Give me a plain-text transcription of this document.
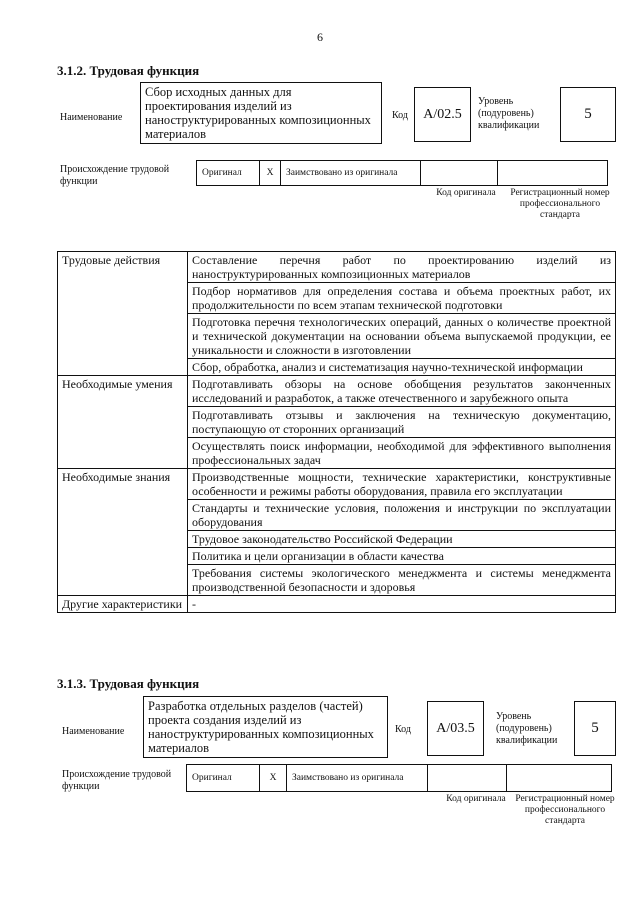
6
3.1.2. Трудовая функция
Наименование
Сбор исходных данных для проектирования изделий из наноструктурированных композиционных материалов
Код	А/02.5
Уровень (подуровень) квалификации
5
Происхождение трудовой функции
Оригинал	X	Заимствовано из оригинала
Код оригинала Регистрационный номер профессионального стандарта
Трудовые действия	Составление перечня работ по проектированию изделий из наноструктурированных композиционных материалов
	Подбор нормативов для определения состава и объема проектных работ, их продолжительности по всем этапам технической подготовки
	Подготовка перечня технологических операций, данных о количестве проектной и технической документации на основании объема выпускаемой продукции, ее уникальности и сложности в изготовлении
	Сбор, обработка, анализ и систематизация научно-технической информации
Необходимые умения	Подготавливать обзоры на основе обобщения результатов законченных исследований и разработок, а также отечественного и зарубежного опыта
	Подготавливать отзывы и заключения на техническую документацию, поступающую от сторонних организаций
	Осуществлять поиск информации, необходимой для эффективного выполнения профессиональных задач
Необходимые знания	Производственные мощности, технические характеристики, конструктивные особенности и режимы работы оборудования, правила его эксплуатации
	Стандарты и технические условия, положения и инструкции по эксплуатации оборудования
	Трудовое законодательство Российской Федерации
	Политика и цели организации в области качества
	Требования системы экологического менеджмента и системы менеджмента производственной безопасности и здоровья
Другие характеристики	-
3.1.3. Трудовая функция
Наименование
Разработка отдельных разделов (частей) проекта создания изделий из наноструктурированных композиционных материалов
Код	А/03.5
Уровень (подуровень) квалификации
5
Происхождение трудовой функции
Оригинал	X	Заимствовано из оригинала
Код оригинала Регистрационный номер профессионального стандарта
